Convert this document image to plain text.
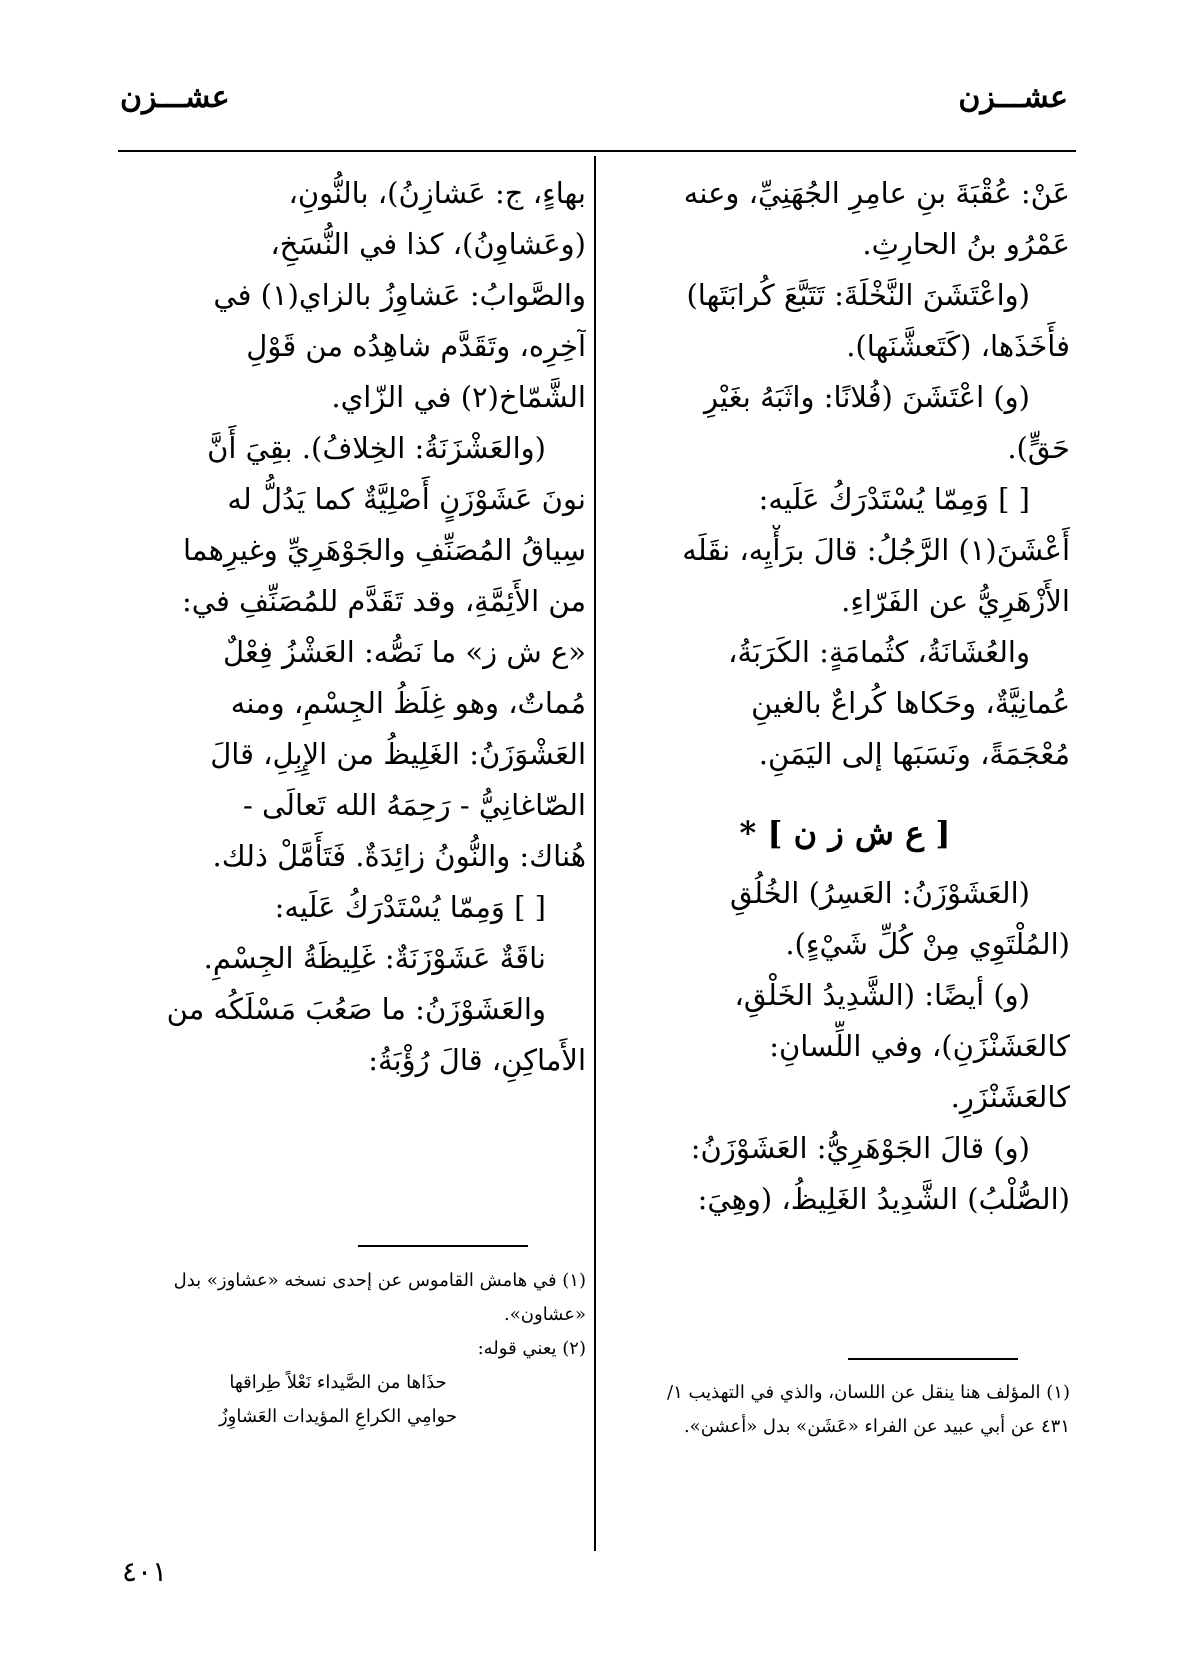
عشـــزن
عشـــزن
عَنْ: عُقْبَةَ بنِ عامِرِ الجُهَنِيِّ، وعنه
عَمْرُو بنُ الحارِثِ.
(واعْتَشَنَ النَّخْلَةَ: تَتَبَّعَ كُرابَتَها)
فأَخَذَها، (كَتَعشَّنَها).
(و) اعْتَشَنَ (فُلانًا: واثَبَهُ بغَيْرِ
حَقٍّ).
[ ] وَمِمّا يُسْتَدْرَكُ عَلَيه:
أَعْشَنَ(١) الرَّجُلُ: قالَ برَأْيِه، نقَلَه
الأَزْهَرِيُّ عن الفَرّاءِ.
والعُشَانَةُ، كثُمامَةٍ: الكَرَبَةُ،
عُمانِيَّةٌ، وحَكاها كُراعٌ بالغينِ
مُعْجَمَةً، ونَسَبَها إلى اليَمَنِ.
[ ع ش ز ن ] *
(العَشَوْزَنُ: العَسِرُ) الخُلُقِ
(المُلْتَوِي مِنْ كُلِّ شَيْءٍ).
(و) أيضًا: (الشَّدِيدُ الخَلْقِ،
كالعَشَنْزَنِ)، وفي اللِّسانِ:
كالعَشَنْزَرِ.
(و) قالَ الجَوْهَرِيُّ: العَشَوْزَنُ:
(الصُّلْبُ) الشَّدِيدُ الغَلِيظُ، (وهِيَ:
(١) المؤلف هنا ينقل عن اللسان، والذي في التهذيب ١/
٤٣١ عن أبي عبيد عن الفراء «عَشَن» بدل «أعشن».
بهاءٍ، ج: عَشازِنُ)، بالنُّونِ،
(وعَشاوِنُ)، كذا في النُّسَخِ،
والصَّوابُ: عَشاوِزُ بالزاي(١) في
آخِرِه، وتَقَدَّم شاهِدُه من قَوْلِ
الشَّمّاخ(٢) في الزّاي.
(والعَشْزَنَةُ: الخِلافُ). بقِيَ أَنَّ
نونَ عَشَوْزَنٍ أَصْلِيَّةٌ كما يَدُلُّ له
سِياقُ المُصَنِّفِ والجَوْهَرِيِّ وغيرِهما
من الأَئِمَّةِ، وقد تَقَدَّم للمُصَنِّفِ في:
«ع ش ز» ما نَصُّه: العَشْزُ فِعْلٌ
مُماتٌ، وهو غِلَظُ الجِسْمِ، ومنه
العَشْوَزَنُ: الغَلِيظُ من الإِبِلِ، قالَ
الصّاغانِيُّ - رَحِمَهُ الله تَعالَى -
هُناك: والنُّونُ زائِدَةٌ. فَتَأَمَّلْ ذلك.
[ ] وَمِمّا يُسْتَدْرَكُ عَلَيه:
ناقَةٌ عَشَوْزَنَةٌ: غَلِيظَةُ الجِسْمِ.
والعَشَوْزَنُ: ما صَعُبَ مَسْلَكُه من
الأَماكِنِ، قالَ رُؤْبَةُ:
(١) في هامش القاموس عن إحدى نسخه «عشاوز» بدل
«عشاون».
(٢) يعني قوله:
حذَاها من الصَّيداء نَعْلاً طِراقها
حوامِي الكراعِ المؤيدات العَشاوِزُ
٤٠١
